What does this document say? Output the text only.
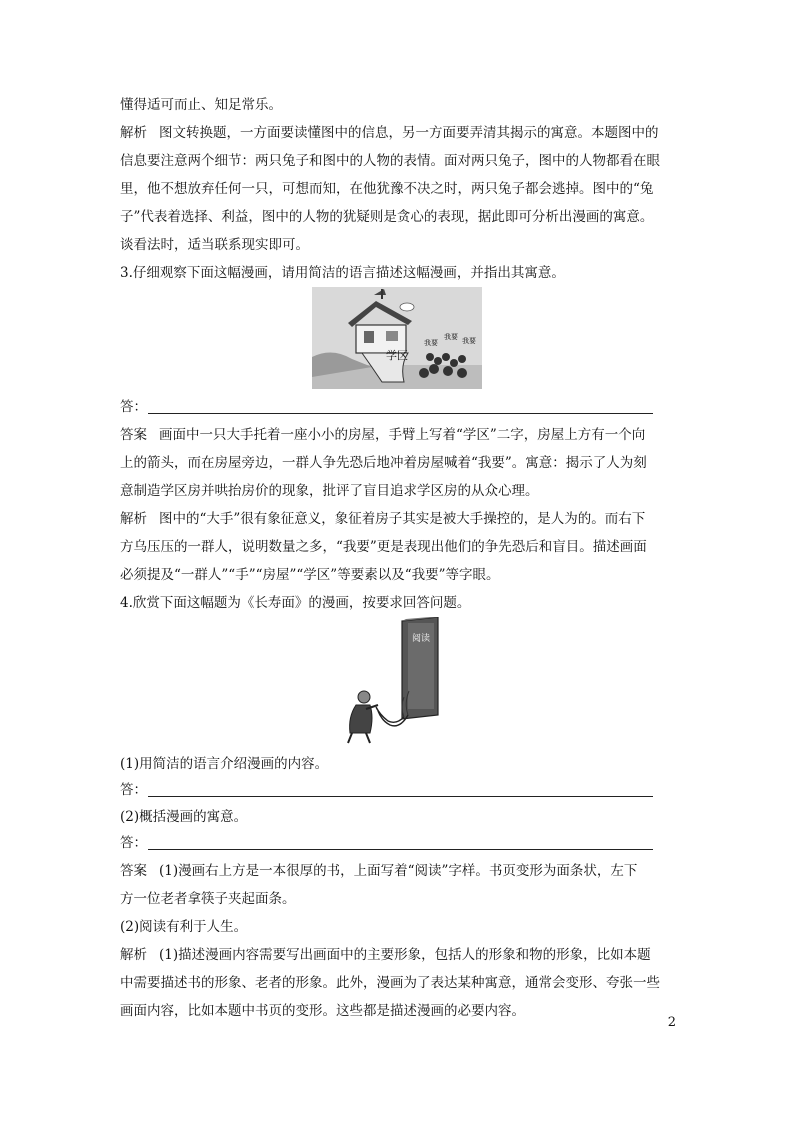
懂得适可而止、知足常乐。
解析 图文转换题，一方面要读懂图中的信息，另一方面要弄清其揭示的寓意。本题图中的
信息要注意两个细节：两只兔子和图中的人物的表情。面对两只兔子，图中的人物都看在眼
里，他不想放弃任何一只，可想而知，在他犹豫不决之时，两只兔子都会逃掉。图中的“兔
子”代表着选择、利益，图中的人物的犹疑则是贪心的表现，据此即可分析出漫画的寓意。
谈看法时，适当联系现实即可。
3.仔细观察下面这幅漫画，请用简洁的语言描述这幅漫画，并指出其寓意。
学区
我要
我要
我要
答：
答案 画面中一只大手托着一座小小的房屋，手臂上写着“学区”二字，房屋上方有一个向
上的箭头，而在房屋旁边，一群人争先恐后地冲着房屋喊着“我要”。寓意：揭示了人为刻
意制造学区房并哄抬房价的现象，批评了盲目追求学区房的从众心理。
解析 图中的“大手”很有象征意义，象征着房子其实是被大手操控的，是人为的。而右下
方乌压压的一群人，说明数量之多，“我要”更是表现出他们的争先恐后和盲目。描述画面
必须提及“一群人”“手”“房屋”“学区”等要素以及“我要”等字眼。
4.欣赏下面这幅题为《长寿面》的漫画，按要求回答问题。
阅读
(1)用简洁的语言介绍漫画的内容。
答：
(2)概括漫画的寓意。
答：
答案 (1)漫画右上方是一本很厚的书，上面写着“阅读”字样。书页变形为面条状，左下
方一位老者拿筷子夹起面条。
(2)阅读有利于人生。
解析 (1)描述漫画内容需要写出画面中的主要形象，包括人的形象和物的形象，比如本题
中需要描述书的形象、老者的形象。此外，漫画为了表达某种寓意，通常会变形、夸张一些
画面内容，比如本题中书页的变形。这些都是描述漫画的必要内容。
2
